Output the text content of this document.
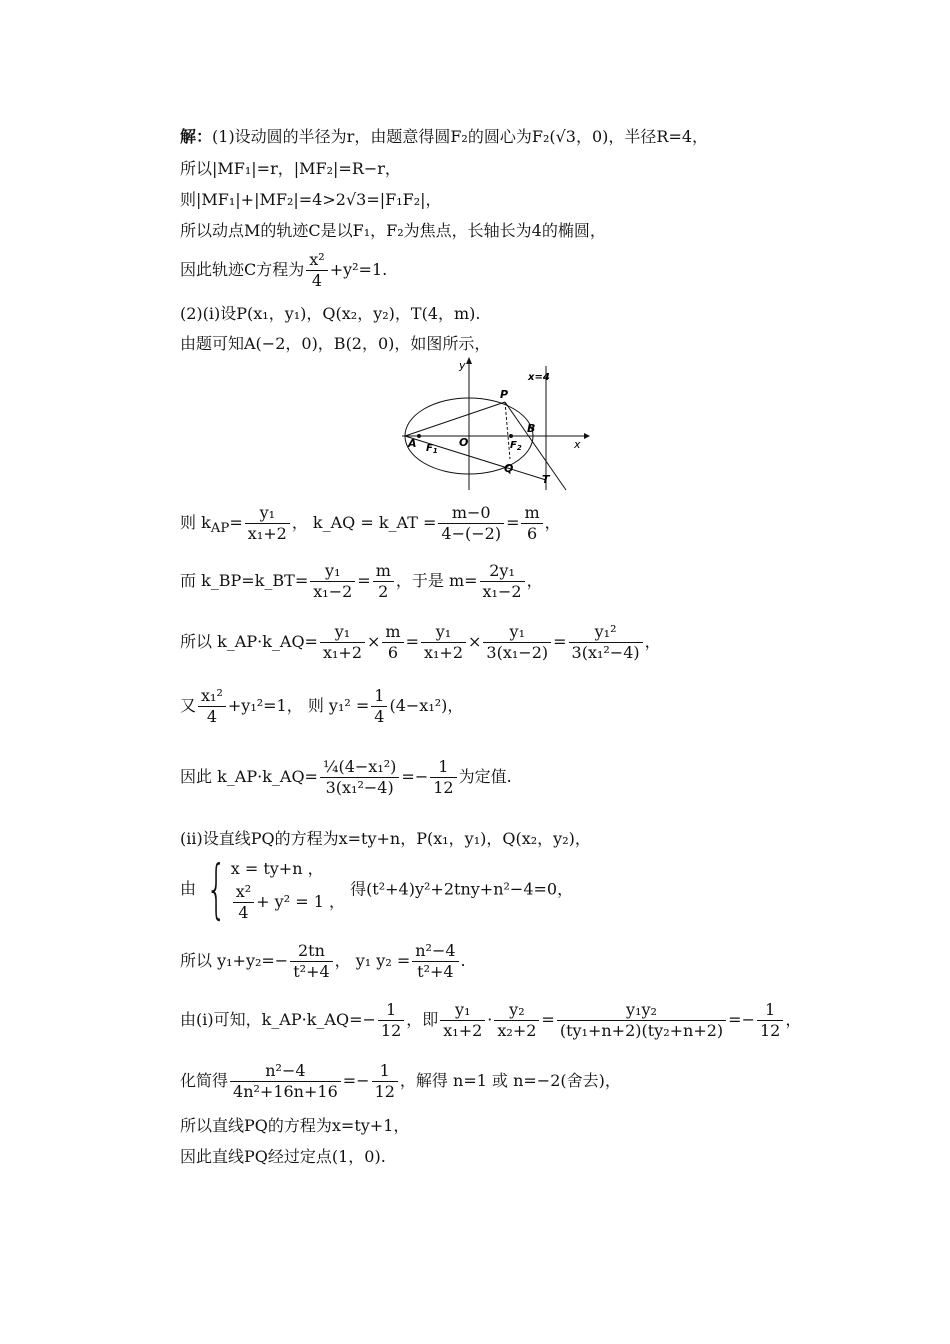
解：(1)设动圆的半径为r，由题意得圆F₂的圆心为F₂(√3，0)，半径R=4，
所以|MF₁|=r，|MF₂|=R−r，
则|MF₁|+|MF₂|=4>2√3=|F₁F₂|，
所以动点M的轨迹C是以F₁，F₂为焦点，长轴长为4的椭圆，
因此轨迹C方程为 $\frac{\text{x²}}{4} +y^2=1$.
(2)(i)设P(x₁，y₁)，Q(x₂，y₂)，T(4，m).
由题可知A(−2，0)，B(2，0)，如图所示，
y
x
x=4
P
B
O
A $F_1$	$F_2$
Q
T
则 $k_{AP}= \frac{\text{y₁}}{\text{x₁+2}}$ ， k_AQ = k_AT = $\frac{m-0}{4-(-2)} = \frac{m}{6}$ ，
而 k_BP=k_BT= $\frac{\text{y₁}}{\text{x₁−2}} = \frac{m}{2}$ ，于是 $m= \frac{\text{2y₁}}{\text{x₁−2}}$ ，
所以 k_AP·k_AQ= $\frac{\text{y₁}}{\text{x₁+2}} \times \frac{m}{6} = \frac{\text{y₁}}{\text{x₁+2}} \times \frac{\text{y₁}}{\text{3(x₁−2)}} = \frac{\text{y₁²}}{\text{3(x₁²−4)}}$ ，
又 $\frac{\text{x₁²}}{4} +y_1^2=1$， 则 $y_1^2 = \frac{1}{4} (4-x_1^2)$，
因此 k_AP·k_AQ= $\frac{\text{¼(4−x₁²)}}{\text{3(x₁²−4)}} =- \frac{1}{12}$ 为定值.
(ii)设直线PQ的方程为x=ty+n，P(x₁，y₁)，Q(x₂，y₂)，
由 { x = ty+n ，
$\frac{\text{x²}}{4} + y^2 = 1$ ，
得(t²+4)y²+2tny+n²−4=0，
所以 $y_1+y_2=- \frac{2tn}{\text{t²+4}}$ ， y₁ $y_2 = \frac{\text{n²−4}}{\text{t²+4}}$ .
由(i)可知，k_AP·k_AQ=− $\frac{1}{12}$ ，即 $\frac{\text{y₁}}{\text{x₁+2}} \cdot \frac{\text{y₂}}{\text{x₂+2}} = \frac{\text{y₁y₂}}{\text{(ty₁+n+2)(ty₂+n+2)}} =- \frac{1}{12}$ ，
化简得 $\frac{\text{n²−4}}{\text{4n²+16n+16}} =- \frac{1}{12}$ ，解得 n=1 或 n=−2(舍去)，
所以直线PQ的方程为x=ty+1，
因此直线PQ经过定点(1，0).
